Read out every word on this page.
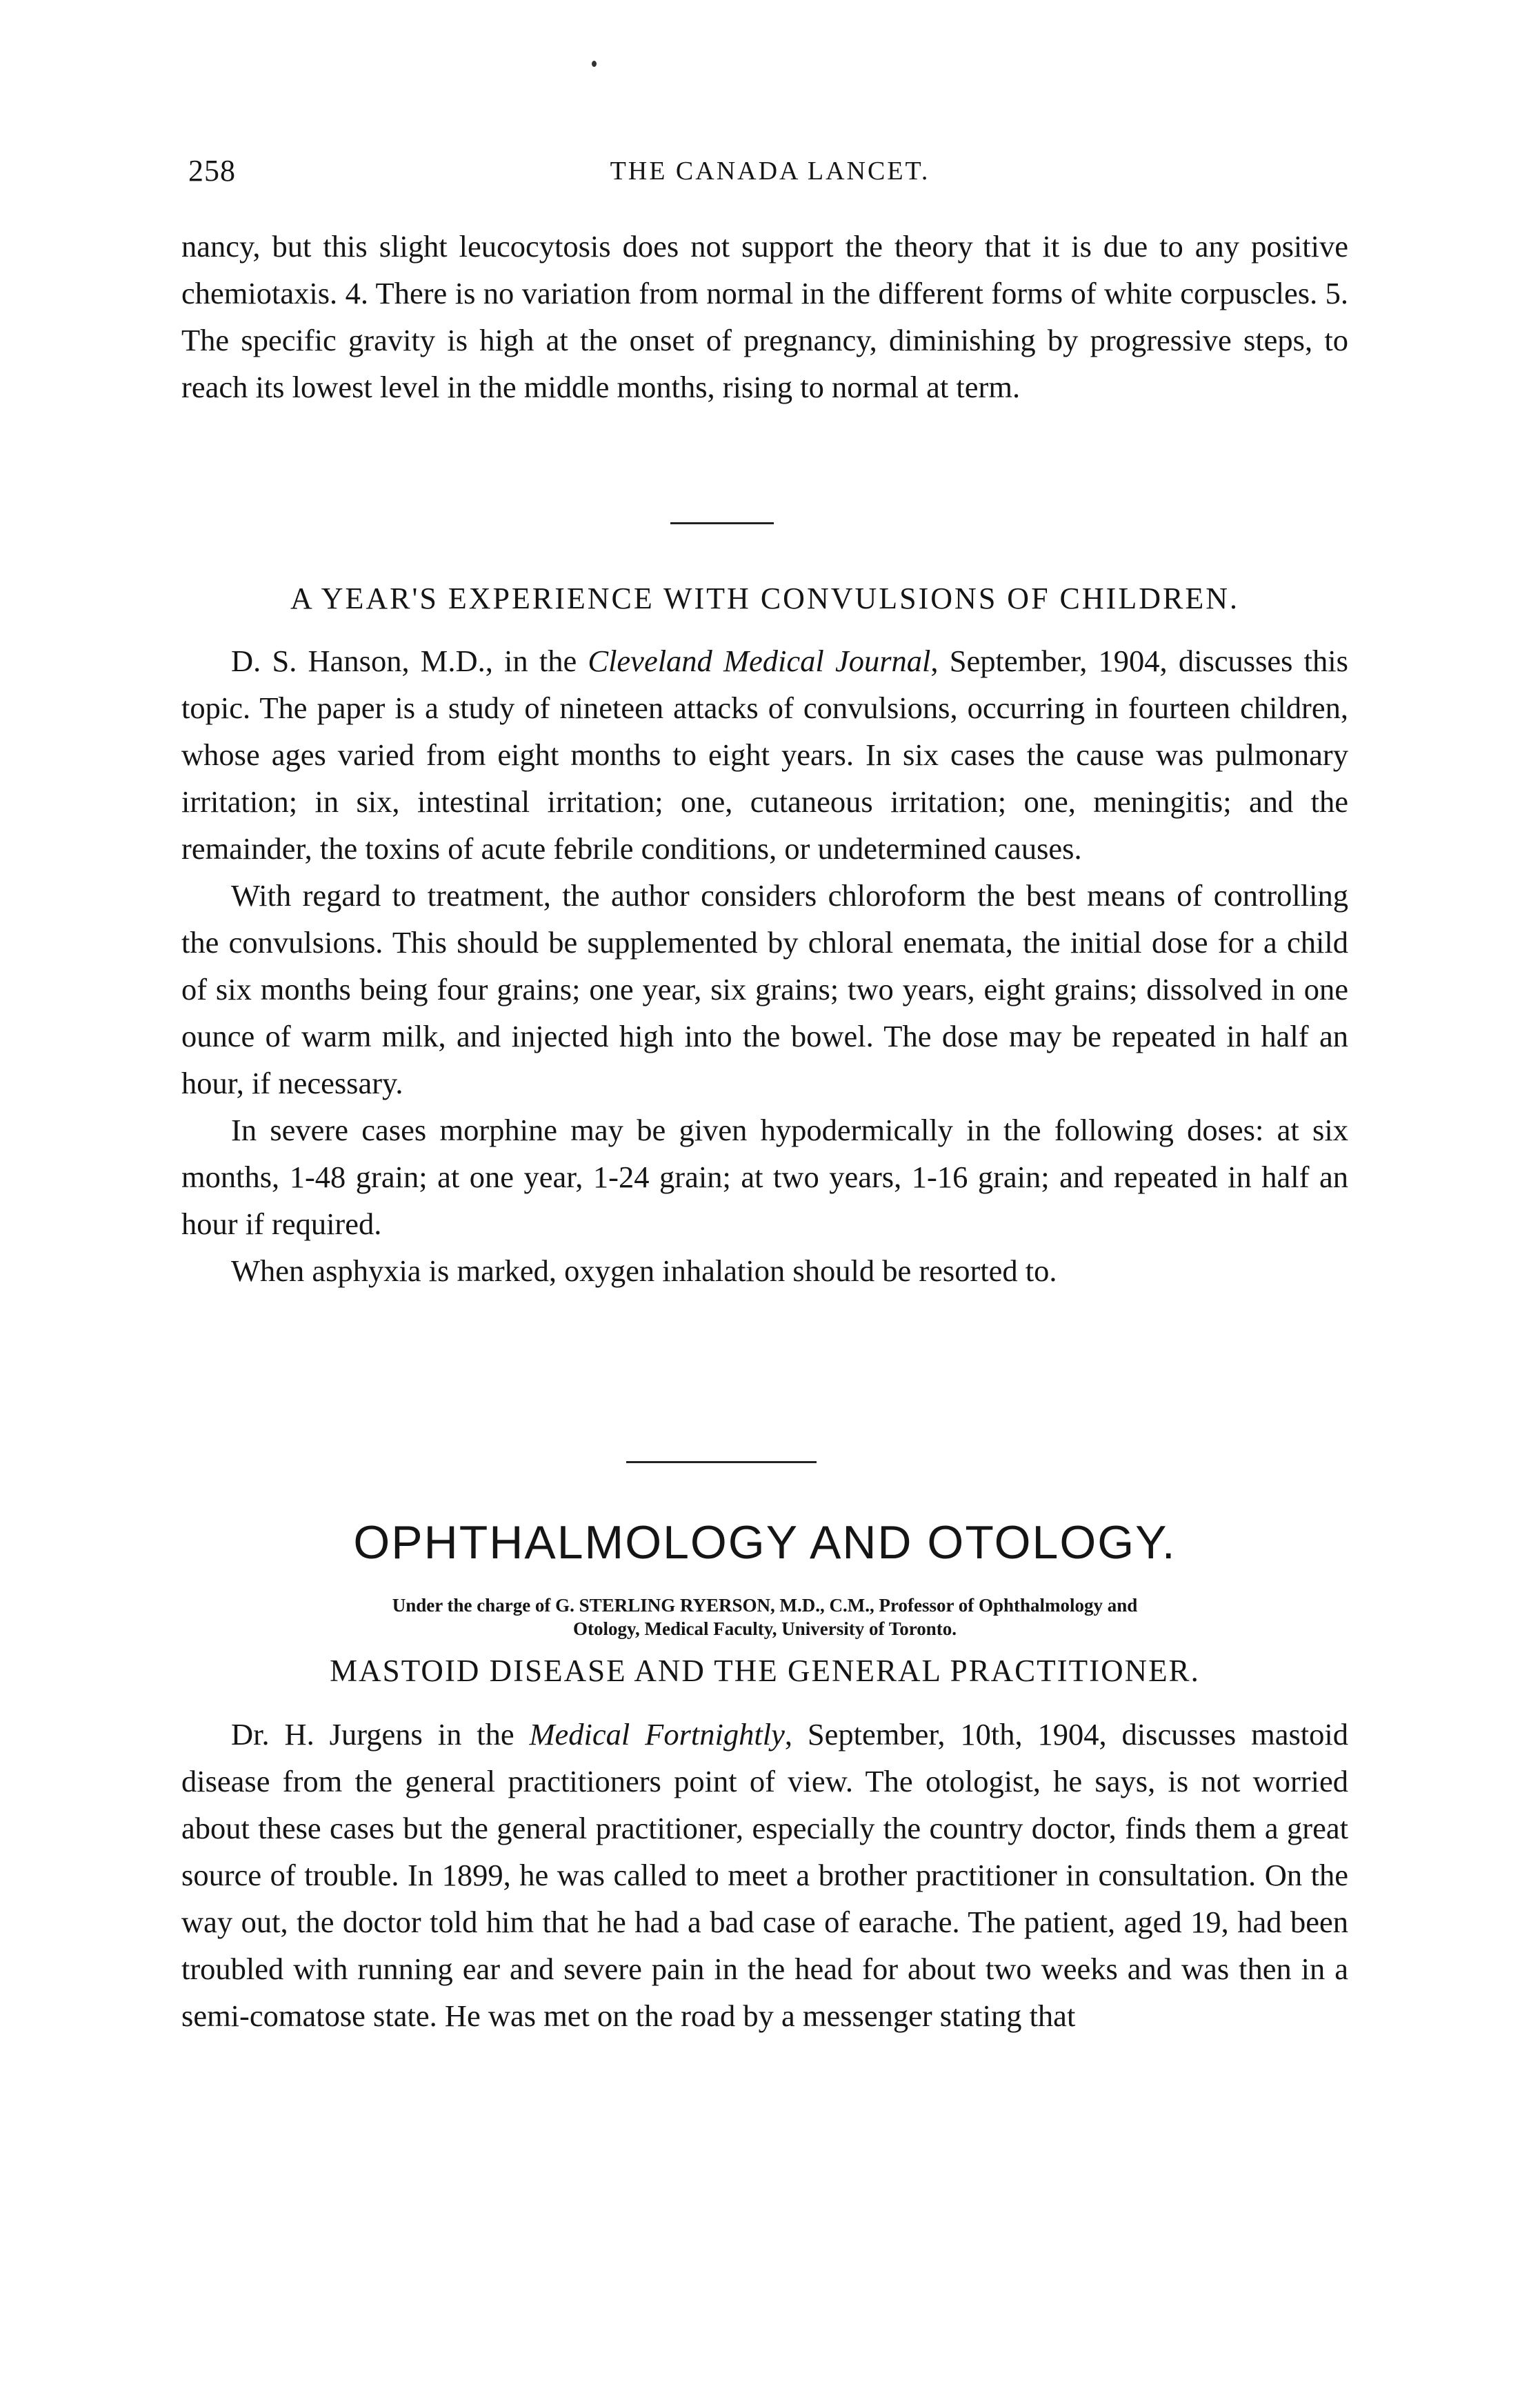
258	THE CANADA LANCET.

nancy, but this slight leucocytosis does not support the theory that it is due to any positive chemiotaxis. 4. There is no variation from normal in the different forms of white corpuscles. 5. The specific gravity is high at the onset of pregnancy, diminishing by progressive steps, to reach its lowest level in the middle months, rising to normal at term.

A YEAR'S EXPERIENCE WITH CONVULSIONS OF CHILDREN.

D. S. Hanson, M.D., in the Cleveland Medical Journal, September, 1904, discusses this topic. The paper is a study of nineteen attacks of convulsions, occurring in fourteen children, whose ages varied from eight months to eight years. In six cases the cause was pulmonary irritation; in six, intestinal irritation; one, cutaneous irritation; one, meningitis; and the remainder, the toxins of acute febrile conditions, or undetermined causes.

With regard to treatment, the author considers chloroform the best means of controlling the convulsions. This should be supplemented by chloral enemata, the initial dose for a child of six months being four grains; one year, six grains; two years, eight grains; dissolved in one ounce of warm milk, and injected high into the bowel. The dose may be repeated in half an hour, if necessary.

In severe cases morphine may be given hypodermically in the following doses: at six months, 1-48 grain; at one year, 1-24 grain; at two years, 1-16 grain; and repeated in half an hour if required.

When asphyxia is marked, oxygen inhalation should be resorted to.

OPHTHALMOLOGY AND OTOLOGY.
Under the charge of G. STERLING RYERSON, M.D., C.M., Professor of Ophthalmology and
Otology, Medical Faculty, University of Toronto.
MASTOID DISEASE AND THE GENERAL PRACTITIONER.

Dr. H. Jurgens in the Medical Fortnightly, September, 10th, 1904, discusses mastoid disease from the general practitioners point of view. The otologist, he says, is not worried about these cases but the general practitioner, especially the country doctor, finds them a great source of trouble. In 1899, he was called to meet a brother practitioner in consultation. On the way out, the doctor told him that he had a bad case of earache. The patient, aged 19, had been troubled with running ear and severe pain in the head for about two weeks and was then in a semi-comatose state. He was met on the road by a messenger stating that
